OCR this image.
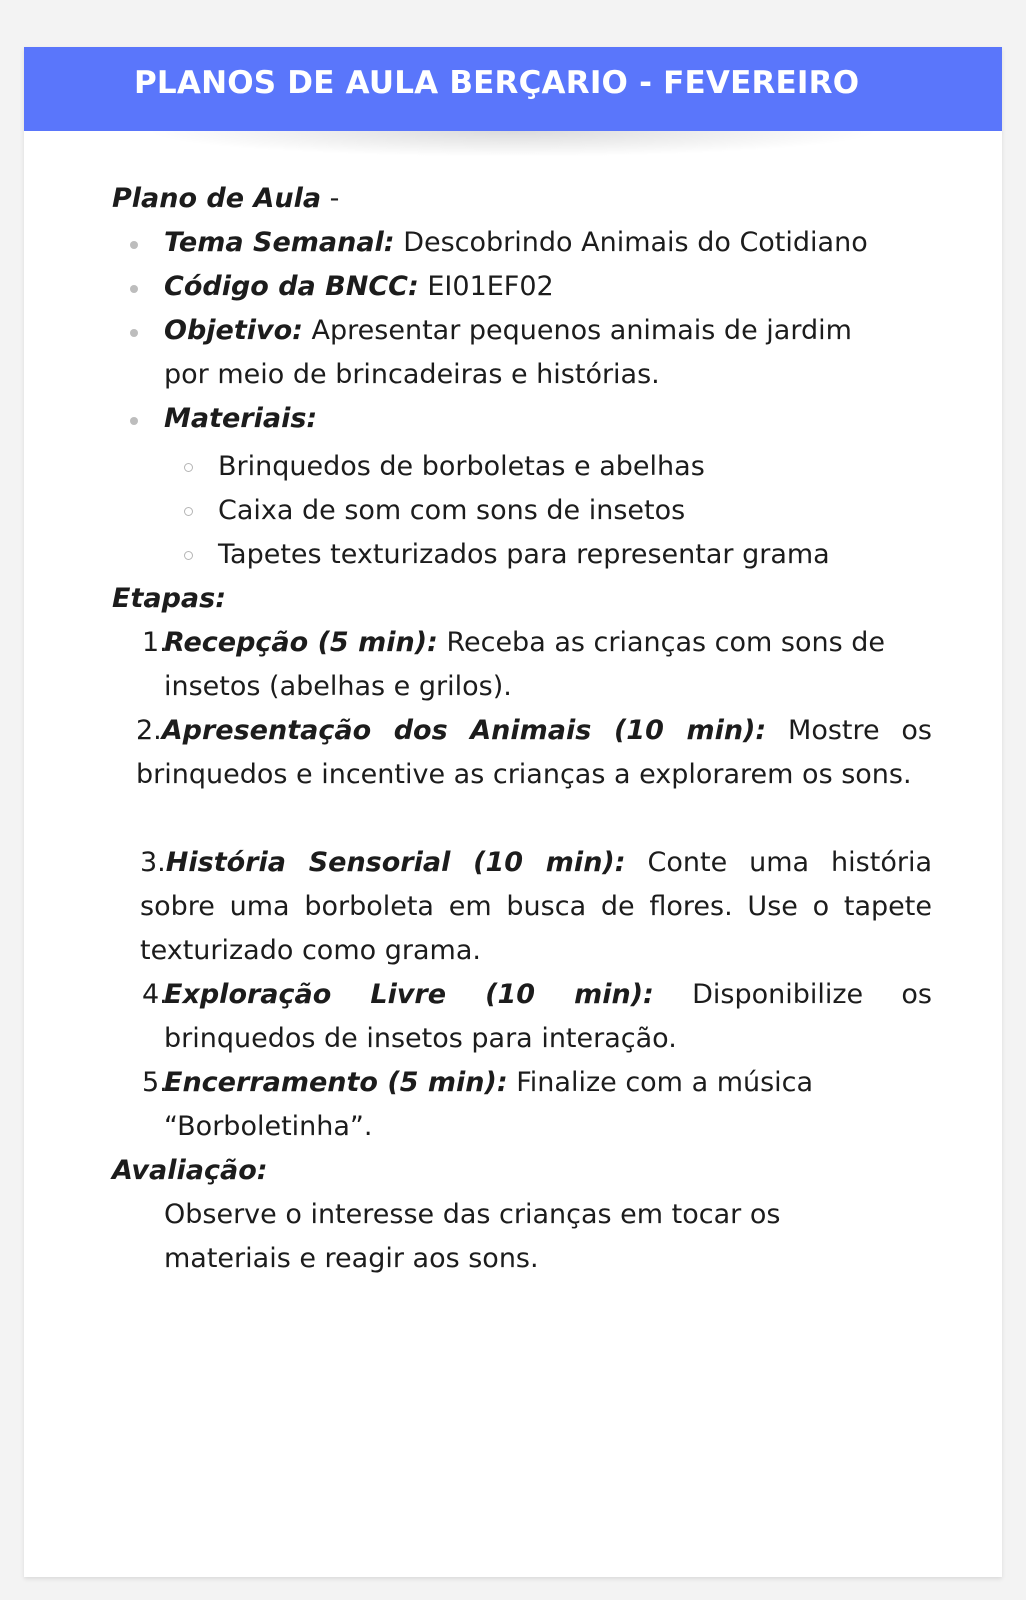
PLANOS DE AULA BERÇARIO - FEVEREIRO

Plano de Aula -

Tema Semanal: Descobrindo Animais do Cotidiano
Código da BNCC: EI01EF02
Objetivo: Apresentar pequenos animais de jardim por meio de brincadeiras e histórias.
Materiais:
Brinquedos de borboletas e abelhas
Caixa de som com sons de insetos
Tapetes texturizados para representar grama

Etapas:

1.
Recepção (5 min): Receba as crianças com sons de insetos (abelhas e grilos).

2.Apresentação dos Animais (10 min): Mostre os brinquedos e incentive as crianças a explorarem os sons.

3.História Sensorial (10 min): Conte uma história sobre uma borboleta em busca de flores. Use o tapete texturizado como grama.

4.
Exploração Livre (10 min): Disponibilize os brinquedos de insetos para interação.

5.
Encerramento (5 min): Finalize com a música “Borboletinha”.

Avaliação:

Observe o interesse das crianças em tocar os materiais e reagir aos sons.
